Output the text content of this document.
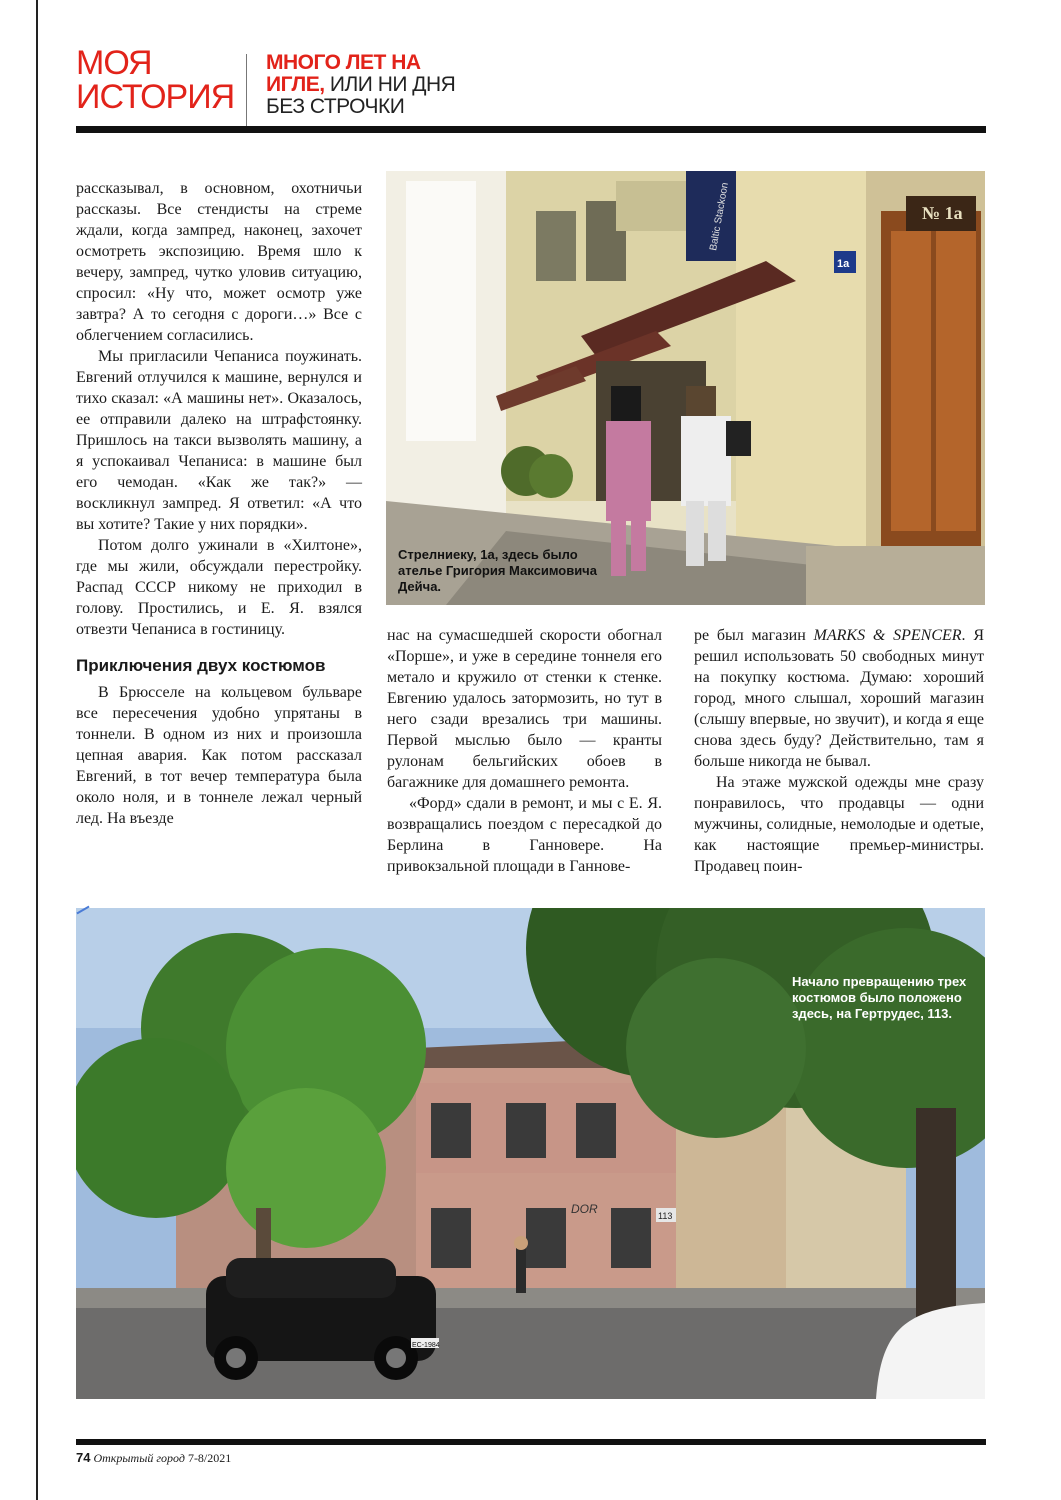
МОЯ
ИСТОРИЯ
МНОГО ЛЕТ НА
ИГЛЕ, ИЛИ НИ ДНЯ
БЕЗ СТРОЧКИ

рассказывал, в основном, охотничьи рассказы. Все стендисты на стреме ждали, когда зампред, наконец, захочет осмотреть экспозицию. Время шло к вечеру, зампред, чутко уловив ситуацию, спросил: «Ну что, может осмотр уже завтра? А то сегодня с дороги…» Все с облегчением согласились.

Мы пригласили Чепаниса поужинать. Евгений отлучился к машине, вернулся и тихо сказал: «А машины нет». Оказалось, ее отправили далеко на штрафстоянку. Пришлось на такси вызволять машину, а я успокаивал Чепаниса: в машине был его чемодан. «Как же так?» — воскликнул зампред. Я ответил: «А что вы хотите? Такие у них порядки».

Потом долго ужинали в «Хилтоне», где мы жили, обсуждали перестройку. Распад СССР никому не приходил в голову. Простились, и Е. Я. взялся отвезти Чепаниса в гостиницу.

Приключения двух костюмов

В Брюсселе на кольцевом бульваре все пересечения удобно упрятаны в тоннели. В одном из них и произошла цепная авария. Как потом рассказал Евгений, в тот вечер температура была около ноля, и в тоннеле лежал черный лед. На въезде

нас на сумасшедшей скорости обогнал «Порше», и уже в середине тоннеля его метало и кружило от стенки к стенке. Евгению удалось затормозить, но тут в него сзади врезались три машины. Первой мыслью было — кранты рулонам бельгийских обоев в багажнике для домашнего ремонта.

«Форд» сдали в ремонт, и мы с Е. Я. возвращались поездом с пересадкой до Берлина в Ганновере. На привокзальной площади в Ганнове-

ре был магазин MARKS & SPENCER. Я решил использовать 50 свободных минут на покупку костюма. Думаю: хороший город, много слышал, хороший магазин (слышу впервые, но звучит), и когда я еще снова здесь буду? Действительно, там я больше никогда не бывал.

На этаже мужской одежды мне сразу понравилось, что продавцы — одни мужчины, солидные, немолодые и одетые, как настоящие премьер-министры. Продавец поин-

№ 1a
1a
Baltic Stackoon
Стрелниеку, 1а, здесь было ателье Григория Максимовича Дейча.
DOR	113
EC-1984
Начало превращению трех костюмов было положено здесь, на Гертрудес, 113.
74 Открытый город 7-8/2021
